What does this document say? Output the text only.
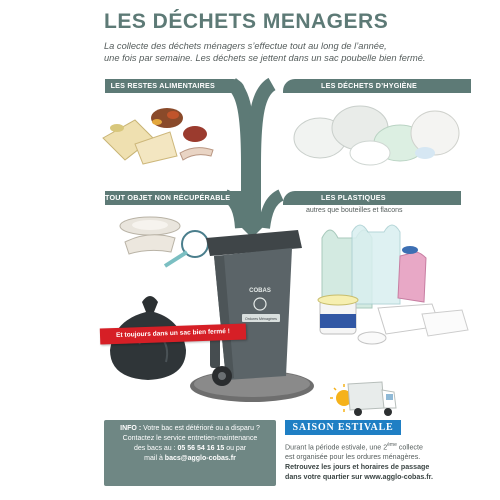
LES DÉCHETS MENAGERS
La collecte des déchets ménagers s’effectue tout au long de l’année,
une fois par semaine. Les déchets se jettent dans un sac poubelle bien fermé.
LES RESTES ALIMENTAIRES	LES DÉCHETS D’HYGIÈNE
TOUT OBJET NON RÉCUPÉRABLE	LES PLASTIQUES
autres que bouteilles et flacons
COBAS
Ordures Ménagères
Et toujours dans un sac bien fermé !
INFO : Votre bac est détérioré ou a disparu ?
Contactez le service entretien-maintenance
des bacs au : 05 56 54 16 15 ou par
mail à bacs@agglo-cobas.fr
SAISON ESTIVALE
Durant la période estivale, une 2ème collecte
est organisée pour les ordures ménagères.
Retrouvez les jours et horaires de passage
dans votre quartier sur www.agglo-cobas.fr.
